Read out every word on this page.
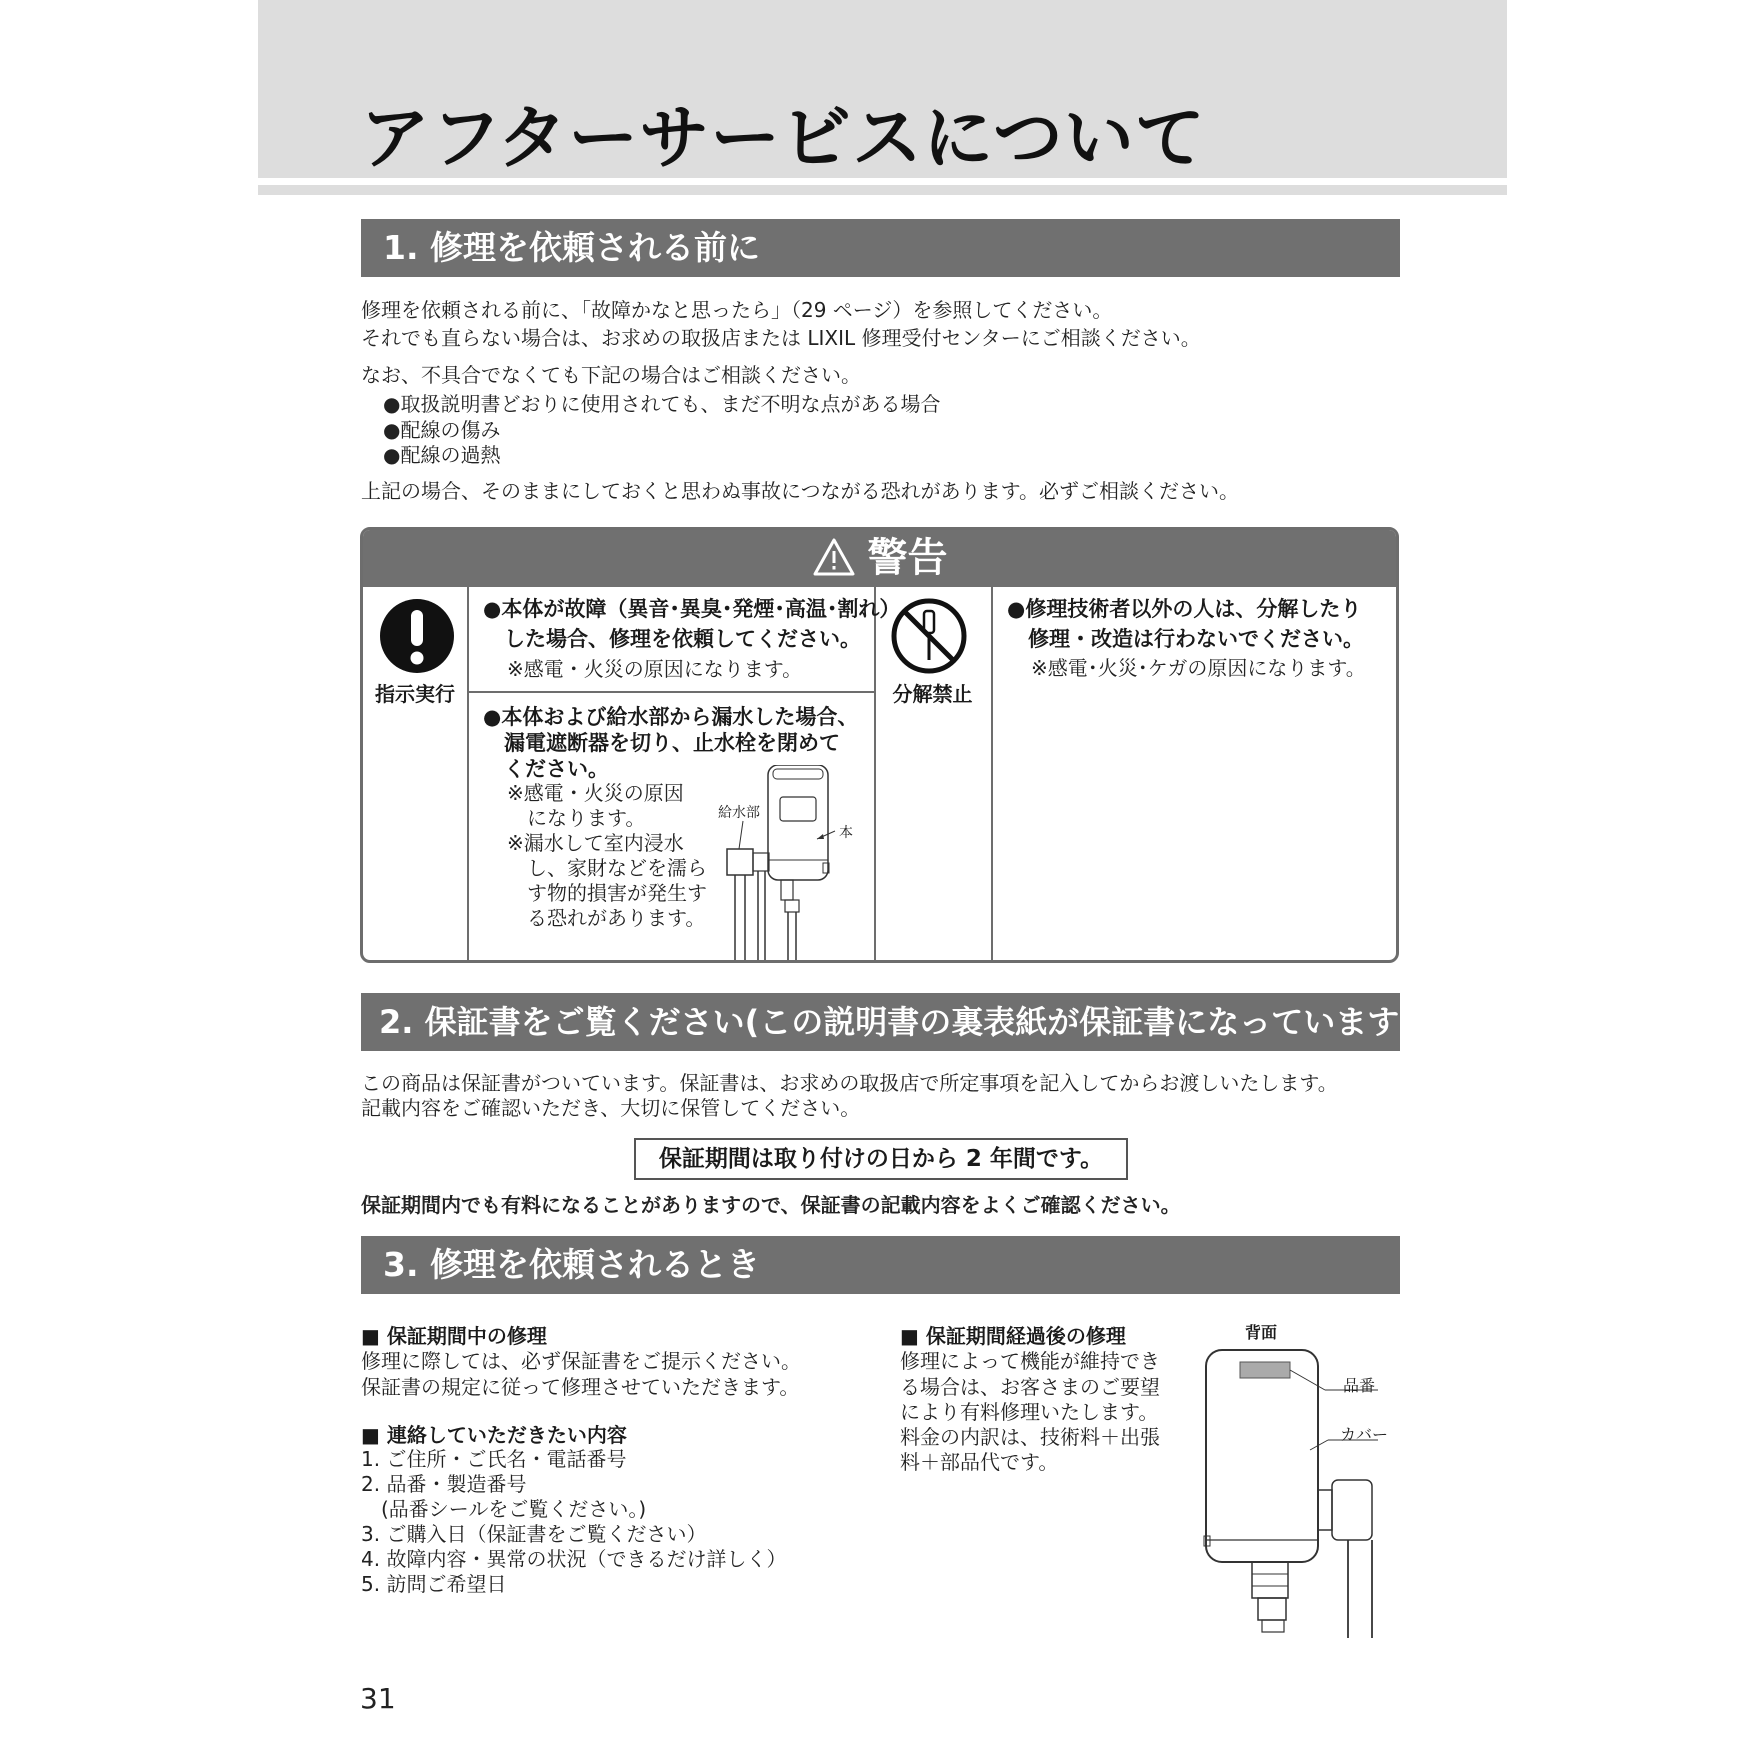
アフターサービスについて
1. 修理を依頼される前に
修理を依頼される前に、「故障かなと思ったら」（29 ページ）を参照してください。
それでも直らない場合は、お求めの取扱店または LIXIL 修理受付センターにご相談ください。
なお、不具合でなくても下記の場合はご相談ください。
●取扱説明書どおりに使用されても、まだ不明な点がある場合
●配線の傷み
●配線の過熱
上記の場合、そのままにしておくと思わぬ事故につながる恐れがあります。必ずご相談ください。
警告
指示実行
●本体が故障（異音･異臭･発煙･高温･割れ）
　した場合、修理を依頼してください。
※感電・火災の原因になります。
●本体および給水部から漏水した場合、
　漏電遮断器を切り、止水栓を閉めて
　ください。
※感電・火災の原因
　になります。
※漏水して室内浸水
　し、家財などを濡ら
　す物的損害が発生す
　る恐れがあります。
給水部
本
分解禁止
●修理技術者以外の人は、分解したり
　修理・改造は行わないでください。
※感電･火災･ケガの原因になります。
2. 保証書をご覧ください(この説明書の裏表紙が保証書になっています)
この商品は保証書がついています。保証書は、お求めの取扱店で所定事項を記入してからお渡しいたします。
記載内容をご確認いただき、大切に保管してください。
保証期間は取り付けの日から 2 年間です。
保証期間内でも有料になることがありますので、保証書の記載内容をよくご確認ください。
3. 修理を依頼されるとき
■ 保証期間中の修理
修理に際しては、必ず保証書をご提示ください。
保証書の規定に従って修理させていただきます。
■ 連絡していただきたい内容
1. ご住所・ご氏名・電話番号
2. 品番・製造番号
　(品番シールをご覧ください。)
3. ご購入日（保証書をご覧ください）
4. 故障内容・異常の状況（できるだけ詳しく）
5. 訪問ご希望日
■ 保証期間経過後の修理
修理によって機能が維持でき
る場合は、お客さまのご要望
により有料修理いたします。
料金の内訳は、技術料＋出張
料＋部品代です。
背面
品番
カバー
31
